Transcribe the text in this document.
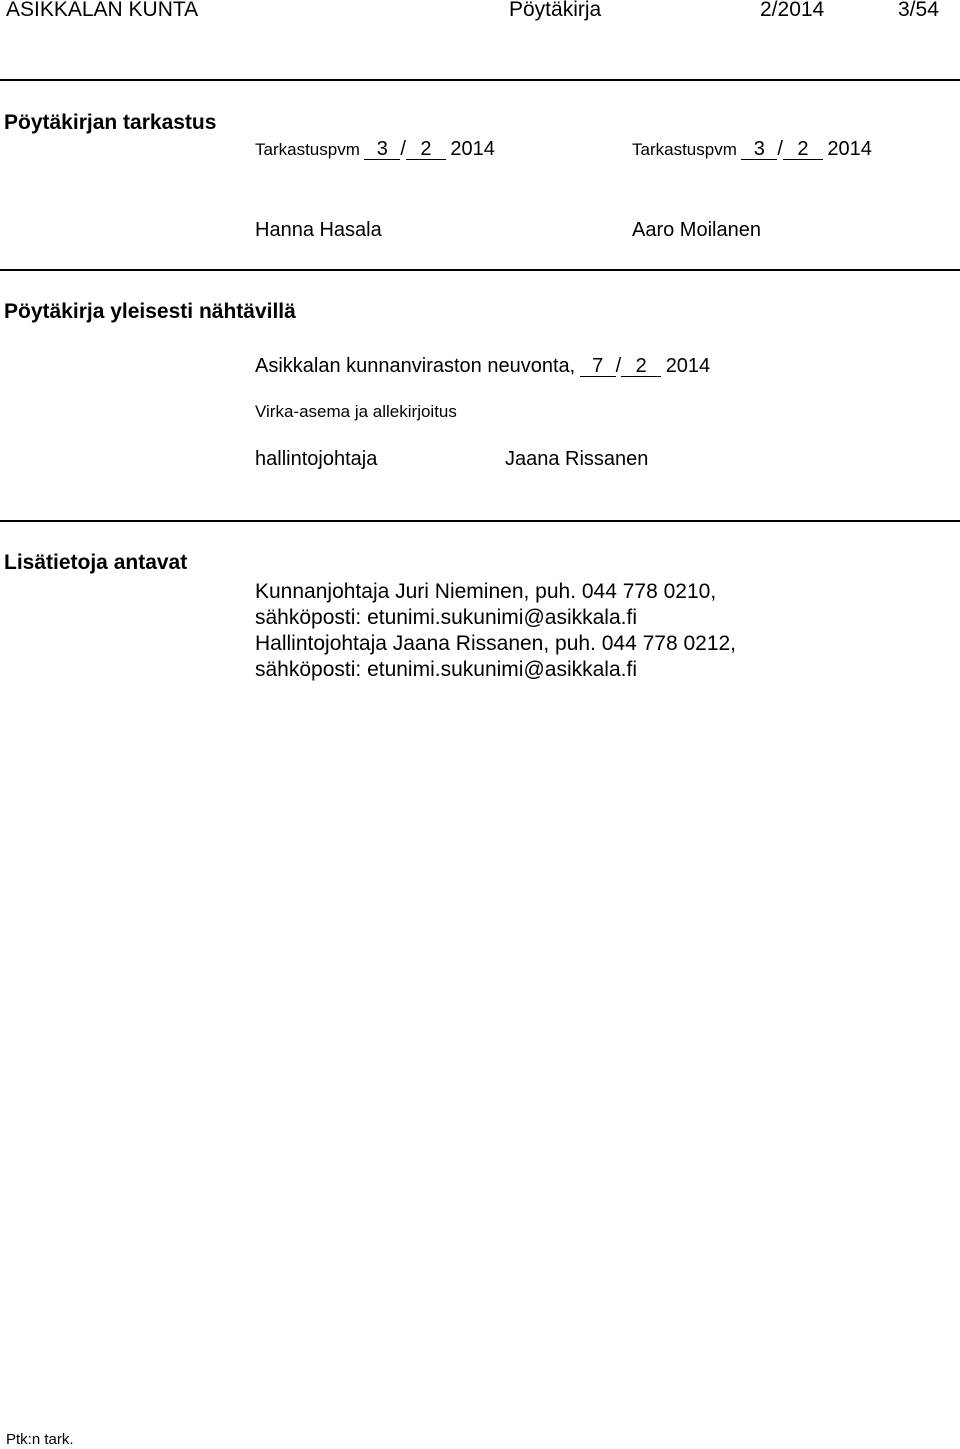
ASIKKALAN KUNTA	Pöytäkirja	2/2014	3/54
Pöytäkirjan tarkastus
Tarkastuspvm 3 / 2 2014	Tarkastuspvm 3 / 2 2014
Hanna Hasala	Aaro Moilanen
Pöytäkirja yleisesti nähtävillä
Asikkalan kunnanviraston neuvonta, 7 / 2 2014
Virka-asema ja allekirjoitus
hallintojohtaja	Jaana Rissanen
Lisätietoja antavat
Kunnanjohtaja Juri Nieminen, puh. 044 778 0210,
sähköposti: etunimi.sukunimi@asikkala.fi
Hallintojohtaja Jaana Rissanen, puh. 044 778 0212,
sähköposti: etunimi.sukunimi@asikkala.fi
Ptk:n tark.
